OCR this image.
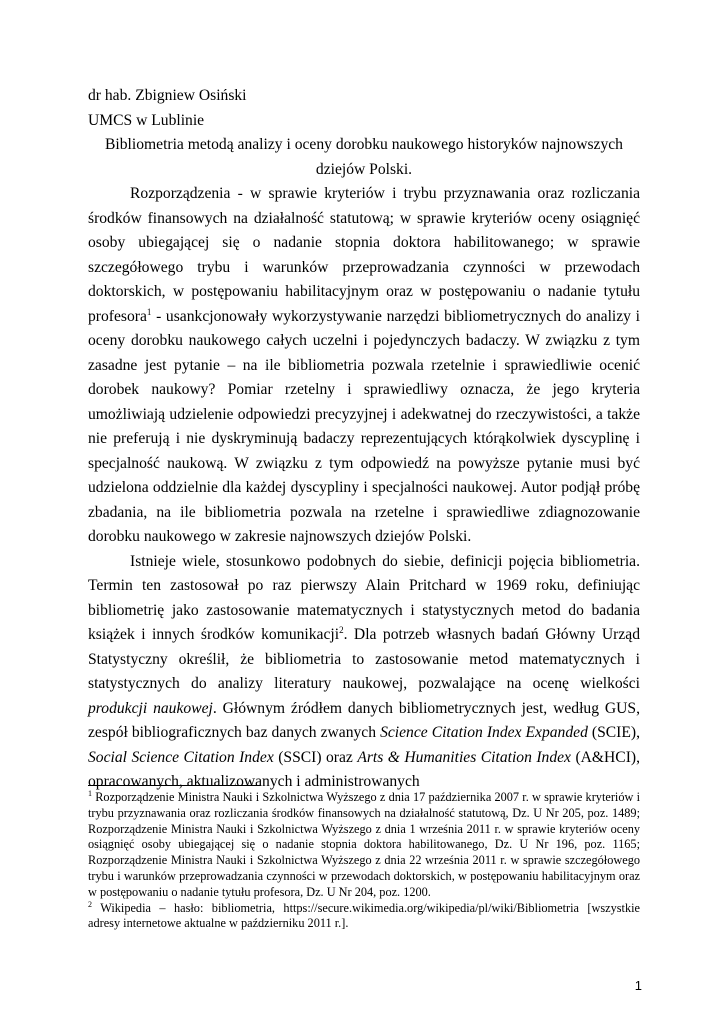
dr hab. Zbigniew Osiński

UMCS w Lublinie

Bibliometria metodą analizy i oceny dorobku naukowego historyków najnowszych dziejów Polski.

Rozporządzenia - w sprawie kryteriów i trybu przyznawania oraz rozliczania środków finansowych na działalność statutową; w sprawie kryteriów oceny osiągnięć osoby ubiegającej się o nadanie stopnia doktora habilitowanego; w sprawie szczegółowego trybu i warunków przeprowadzania czynności w przewodach doktorskich, w postępowaniu habilitacyjnym oraz w postępowaniu o nadanie tytułu profesora$^1$ - usankcjonowały wykorzystywanie narzędzi bibliometrycznych do analizy i oceny dorobku naukowego całych uczelni i pojedynczych badaczy. W związku z tym zasadne jest pytanie – na ile bibliometria pozwala rzetelnie i sprawiedliwie ocenić dorobek naukowy? Pomiar rzetelny i sprawiedliwy oznacza, że jego kryteria umożliwiają udzielenie odpowiedzi precyzyjnej i adekwatnej do rzeczywistości, a także nie preferują i nie dyskryminują badaczy reprezentujących którąkolwiek dyscyplinę i specjalność naukową. W związku z tym odpowiedź na powyższe pytanie musi być udzielona oddzielnie dla każdej dyscypliny i specjalności naukowej. Autor podjął próbę zbadania, na ile bibliometria pozwala na rzetelne i sprawiedliwe zdiagnozowanie dorobku naukowego w zakresie najnowszych dziejów Polski.

Istnieje wiele, stosunkowo podobnych do siebie, definicji pojęcia bibliometria. Termin ten zastosował po raz pierwszy Alain Pritchard w 1969 roku, definiując bibliometrię jako zastosowanie matematycznych i statystycznych metod do badania książek i innych środków komunikacji$^2$. Dla potrzeb własnych badań Główny Urząd Statystyczny określił, że bibliometria to zastosowanie metod matematycznych i statystycznych do analizy literatury naukowej, pozwalające na ocenę wielkości produkcji naukowej. Głównym źródłem danych bibliometrycznych jest, według GUS, zespół bibliograficznych baz danych zwanych Science Citation Index Expanded (SCIE), Social Science Citation Index (SSCI) oraz Arts & Humanities Citation Index (A&HCI), opracowanych, aktualizowanych i administrowanych

$^1$ Rozporządzenie Ministra Nauki i Szkolnictwa Wyższego z dnia 17 października 2007 r. w sprawie kryteriów i trybu przyznawania oraz rozliczania środków finansowych na działalność statutową, Dz. U Nr 205, poz. 1489; Rozporządzenie Ministra Nauki i Szkolnictwa Wyższego z dnia 1 września 2011 r. w sprawie kryteriów oceny osiągnięć osoby ubiegającej się o nadanie stopnia doktora habilitowanego, Dz. U Nr 196, poz. 1165; Rozporządzenie Ministra Nauki i Szkolnictwa Wyższego z dnia 22 września 2011 r. w sprawie szczegółowego trybu i warunków przeprowadzania czynności w przewodach doktorskich, w postępowaniu habilitacyjnym oraz w postępowaniu o nadanie tytułu profesora, Dz. U Nr 204, poz. 1200.

$^2$ Wikipedia – hasło: bibliometria, https://secure.wikimedia.org/wikipedia/pl/wiki/Bibliometria [wszystkie adresy internetowe aktualne w październiku 2011 r.].

1
